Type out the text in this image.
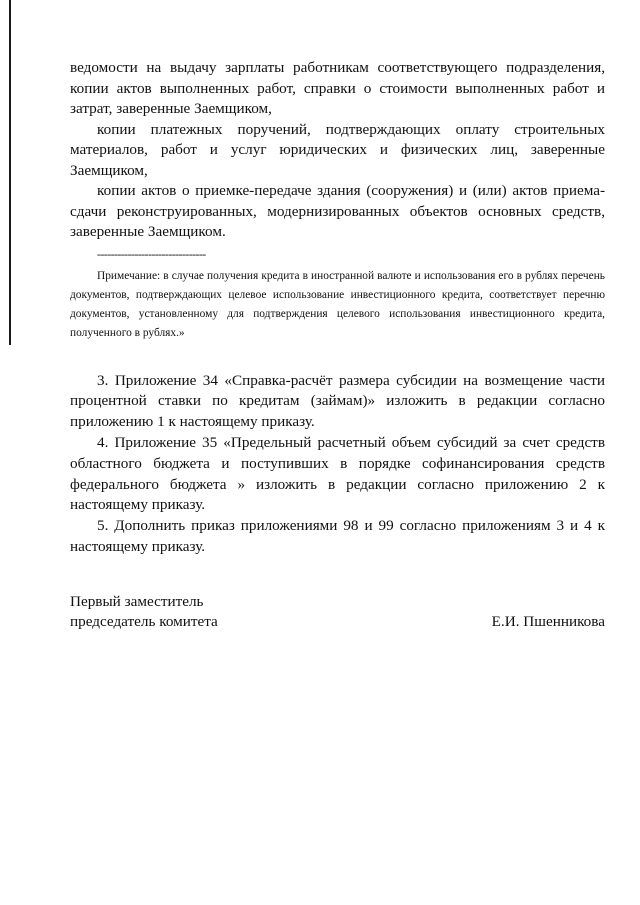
ведомости на выдачу зарплаты работникам соответствующего подразделения, копии актов выполненных работ, справки о стоимости выполненных работ и затрат, заверенные Заемщиком,

копии платежных поручений, подтверждающих оплату строительных материалов, работ и услуг юридических и физических лиц, заверенные Заемщиком,

копии актов о приемке-передаче здания (сооружения) и (или) актов приема-сдачи реконструированных, модернизированных объектов основных средств, заверенные Заемщиком.

--------------------------------

Примечание: в случае получения кредита в иностранной валюте и использования его в рублях перечень документов, подтверждающих целевое использование инвестиционного кредита, соответствует перечню документов, установленному для подтверждения целевого использования инвестиционного кредита, полученного в рублях.»

3. Приложение 34 «Справка-расчёт размера субсидии на возмещение части процентной ставки по кредитам (займам)» изложить в редакции согласно приложению 1 к настоящему приказу.

4. Приложение 35 «Предельный расчетный объем субсидий за счет средств областного бюджета и поступивших в порядке софинансирования средств федерального бюджета » изложить в редакции согласно приложению 2 к настоящему приказу.

5. Дополнить приказ приложениями 98 и 99 согласно приложениям 3 и 4 к настоящему приказу.

Первый заместитель
председатель комитета	Е.И. Пшенникова
